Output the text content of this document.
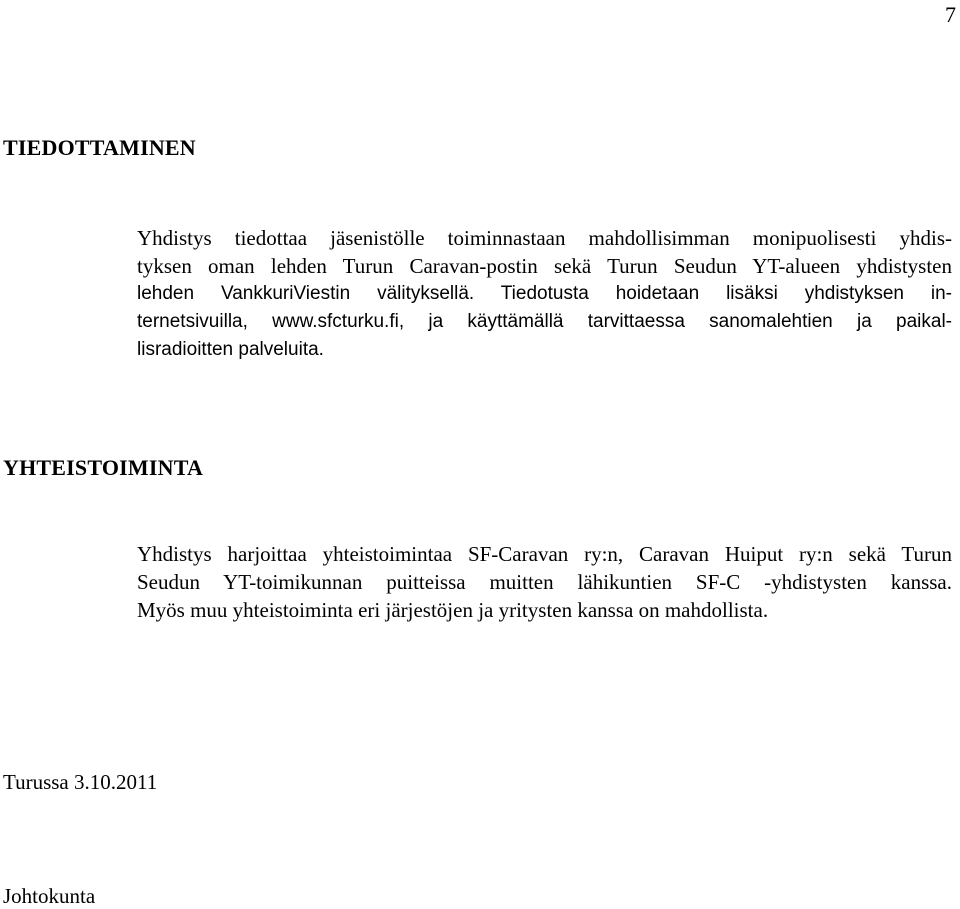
7
TIEDOTTAMINEN
Yhdistys tiedottaa jäsenistölle toiminnastaan mahdollisimman monipuolisesti yhdis-
tyksen oman lehden Turun Caravan-postin sekä Turun Seudun YT-alueen yhdistysten
lehden VankkuriViestin välityksellä. Tiedotusta hoidetaan lisäksi yhdistyksen in-
ternetsivuilla, www.sfcturku.fi, ja käyttämällä tarvittaessa sanomalehtien ja paikal-
lisradioitten palveluita.
YHTEISTOIMINTA
Yhdistys harjoittaa yhteistoimintaa SF-Caravan ry:n, Caravan Huiput ry:n sekä Turun
Seudun YT-toimikunnan puitteissa muitten lähikuntien SF-C -yhdistysten kanssa.
Myös muu yhteistoiminta eri järjestöjen ja yritysten kanssa on mahdollista.
Turussa 3.10.2011
Johtokunta
